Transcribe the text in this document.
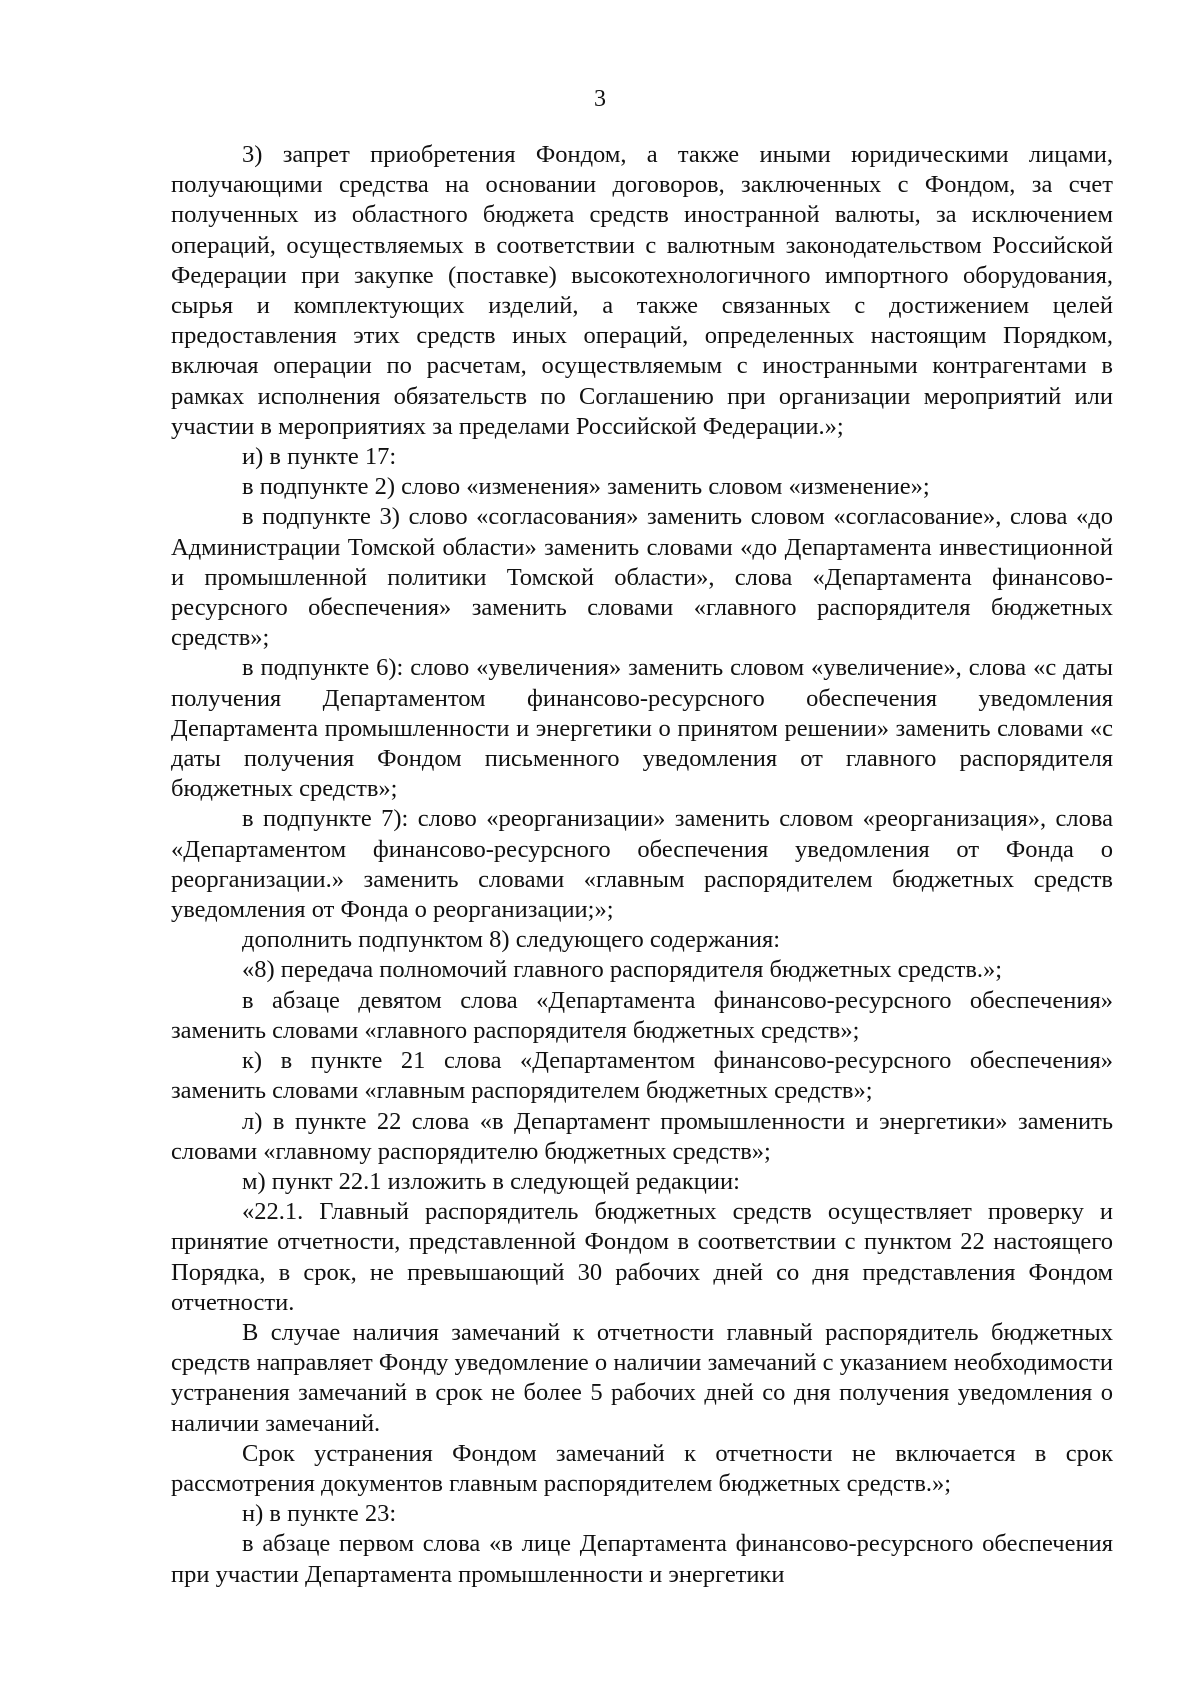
3

3) запрет приобретения Фондом, а также иными юридическими лицами, получающими средства на основании договоров, заключенных с Фондом, за счет полученных из областного бюджета средств иностранной валюты, за исключением операций, осуществляемых в соответствии с валютным законодательством Российской Федерации при закупке (поставке) высокотехнологичного импортного оборудования, сырья и комплектующих изделий, а также связанных с достижением целей предоставления этих средств иных операций, определенных настоящим Порядком, включая операции по расчетам, осуществляемым с иностранными контрагентами в рамках исполнения обязательств по Соглашению при организации мероприятий или участии в мероприятиях за пределами Российской Федерации.»;

и) в пункте 17:

в подпункте 2) слово «изменения» заменить словом «изменение»;

в подпункте 3) слово «согласования» заменить словом «согласование», слова «до Администрации Томской области» заменить словами «до Департамента инвестиционной и промышленной политики Томской области», слова «Департамента финансово-ресурсного обеспечения» заменить словами «главного распорядителя бюджетных средств»;

в подпункте 6): слово «увеличения» заменить словом «увеличение», слова «с даты получения Департаментом финансово-ресурсного обеспечения уведомления Департамента промышленности и энергетики о принятом решении» заменить словами «с даты получения Фондом письменного уведомления от главного распорядителя бюджетных средств»;

в подпункте 7): слово «реорганизации» заменить словом «реорганизация», слова «Департаментом финансово-ресурсного обеспечения уведомления от Фонда о реорганизации.» заменить словами «главным распорядителем бюджетных средств уведомления от Фонда о реорганизации;»;

дополнить подпунктом 8) следующего содержания:

«8) передача полномочий главного распорядителя бюджетных средств.»;

в абзаце девятом слова «Департамента финансово-ресурсного обеспечения» заменить словами «главного распорядителя бюджетных средств»;

к) в пункте 21 слова «Департаментом финансово-ресурсного обеспечения» заменить словами «главным распорядителем бюджетных средств»;

л) в пункте 22 слова «в Департамент промышленности и энергетики» заменить словами «главному распорядителю бюджетных средств»;

м) пункт 22.1 изложить в следующей редакции:

«22.1. Главный распорядитель бюджетных средств осуществляет проверку и принятие отчетности, представленной Фондом в соответствии с пунктом 22 настоящего Порядка, в срок, не превышающий 30 рабочих дней со дня представления Фондом отчетности.

В случае наличия замечаний к отчетности главный распорядитель бюджетных средств направляет Фонду уведомление о наличии замечаний с указанием необходимости устранения замечаний в срок не более 5 рабочих дней со дня получения уведомления о наличии замечаний.

Срок устранения Фондом замечаний к отчетности не включается в срок рассмотрения документов главным распорядителем бюджетных средств.»;

н) в пункте 23:

в абзаце первом слова «в лице Департамента финансово-ресурсного обеспечения при участии Департамента промышленности и энергетики
